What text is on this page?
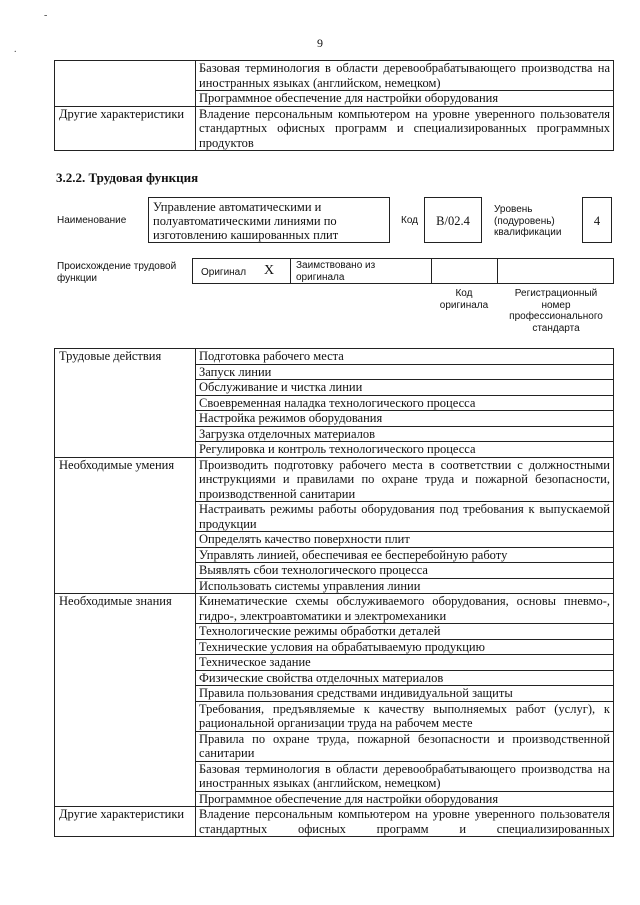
-
.	9
	Базовая терминология в области деревообрабатывающего производства на иностранных языках (английском, немецком)
	Программное обеспечение для настройки оборудования
Другие характеристики	Владение персональным компьютером на уровне уверенного пользователя стандартных офисных программ и специализированных программных продуктов
3.2.2. Трудовая функция
Наименование
Управление автоматическими и полуавтоматическими линиями по изготовлению кашированных плит
Код	В/02.4
Уровень (подуровень) квалификации
4
Происхождение трудовой функции	Оригинал X Заимствовано из оригинала
Код оригинала
Регистрационный номер профессионального стандарта
Трудовые действия	Подготовка рабочего места
	Запуск линии
	Обслуживание и чистка линии
	Своевременная наладка технологического процесса
	Настройка режимов оборудования
	Загрузка отделочных материалов
	Регулировка и контроль технологического процесса
Необходимые умения	Производить подготовку рабочего места в соответствии с должностными инструкциями и правилами по охране труда и пожарной безопасности, производственной санитарии
	Настраивать режимы работы оборудования под требования к выпускаемой продукции
	Определять качество поверхности плит
	Управлять линией, обеспечивая ее бесперебойную работу
	Выявлять сбои технологического процесса
	Использовать системы управления линии
Необходимые знания	Кинематические схемы обслуживаемого оборудования, основы пневмо-, гидро-, электроавтоматики и электромеханики
	Технологические режимы обработки деталей
	Технические условия на обрабатываемую продукцию
	Техническое задание
	Физические свойства отделочных материалов
	Правила пользования средствами индивидуальной защиты
	Требования, предъявляемые к качеству выполняемых работ (услуг), к рациональной организации труда на рабочем месте
	Правила по охране труда, пожарной безопасности и производственной санитарии
	Базовая терминология в области деревообрабатывающего производства на иностранных языках (английском, немецком)
	Программное обеспечение для настройки оборудования
Другие характеристики	Владение персональным компьютером на уровне уверенного пользователя стандартных офисных программ и специализированных
